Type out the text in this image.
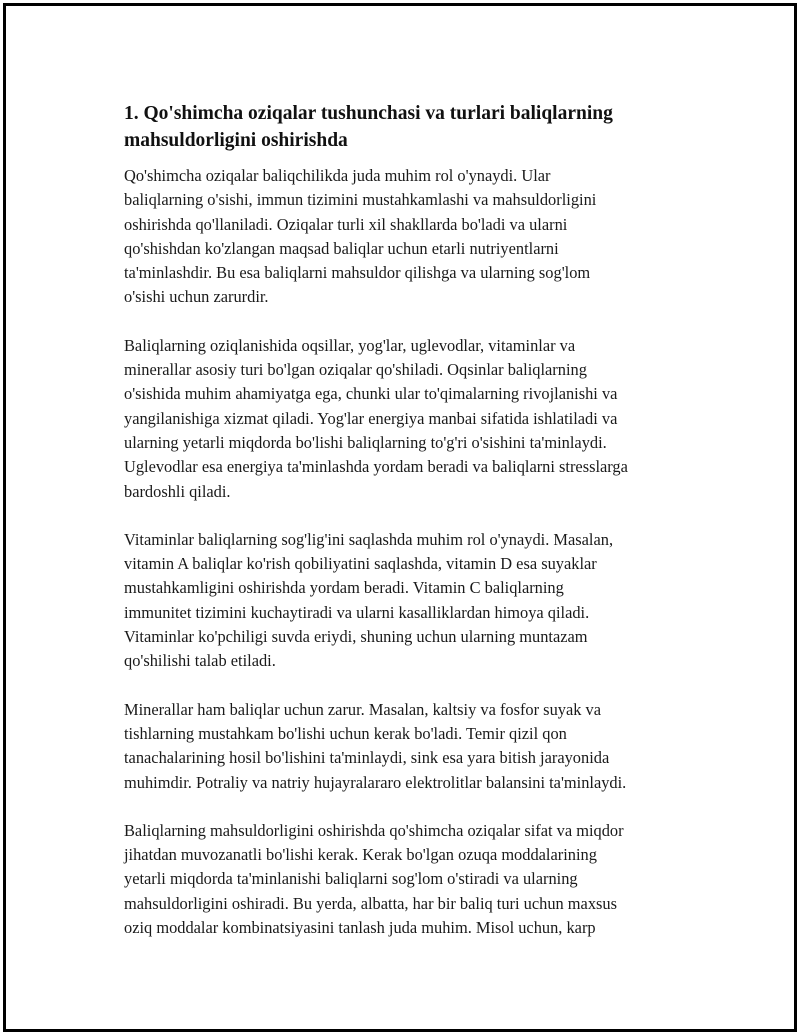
1. Qo'shimcha oziqalar tushunchasi va turlari baliqlarning
mahsuldorligini oshirishda

Qo'shimcha oziqalar baliqchilikda juda muhim rol o'ynaydi. Ular
baliqlarning o'sishi, immun tizimini mustahkamlashi va mahsuldorligini
oshirishda qo'llaniladi. Oziqalar turli xil shakllarda bo'ladi va ularni
qo'shishdan ko'zlangan maqsad baliqlar uchun etarli nutriyentlarni
ta'minlashdir. Bu esa baliqlarni mahsuldor qilishga va ularning sog'lom
o'sishi uchun zarurdir.

Baliqlarning oziqlanishida oqsillar, yog'lar, uglevodlar, vitaminlar va
minerallar asosiy turi bo'lgan oziqalar qo'shiladi. Oqsinlar baliqlarning
o'sishida muhim ahamiyatga ega, chunki ular to'qimalarning rivojlanishi va
yangilanishiga xizmat qiladi. Yog'lar energiya manbai sifatida ishlatiladi va
ularning yetarli miqdorda bo'lishi baliqlarning to'g'ri o'sishini ta'minlaydi.
Uglevodlar esa energiya ta'minlashda yordam beradi va baliqlarni stresslarga
bardoshli qiladi.

Vitaminlar baliqlarning sog'lig'ini saqlashda muhim rol o'ynaydi. Masalan,
vitamin A baliqlar ko'rish qobiliyatini saqlashda, vitamin D esa suyaklar
mustahkamligini oshirishda yordam beradi. Vitamin C baliqlarning
immunitet tizimini kuchaytiradi va ularni kasalliklardan himoya qiladi.
Vitaminlar ko'pchiligi suvda eriydi, shuning uchun ularning muntazam
qo'shilishi talab etiladi.

Minerallar ham baliqlar uchun zarur. Masalan, kaltsiy va fosfor suyak va
tishlarning mustahkam bo'lishi uchun kerak bo'ladi. Temir qizil qon
tanachalarining hosil bo'lishini ta'minlaydi, sink esa yara bitish jarayonida
muhimdir. Potraliy va natriy hujayralararo elektrolitlar balansini ta'minlaydi.

Baliqlarning mahsuldorligini oshirishda qo'shimcha oziqalar sifat va miqdor
jihatdan muvozanatli bo'lishi kerak. Kerak bo'lgan ozuqa moddalarining
yetarli miqdorda ta'minlanishi baliqlarni sog'lom o'stiradi va ularning
mahsuldorligini oshiradi. Bu yerda, albatta, har bir baliq turi uchun maxsus
oziq moddalar kombinatsiyasini tanlash juda muhim. Misol uchun, karp
